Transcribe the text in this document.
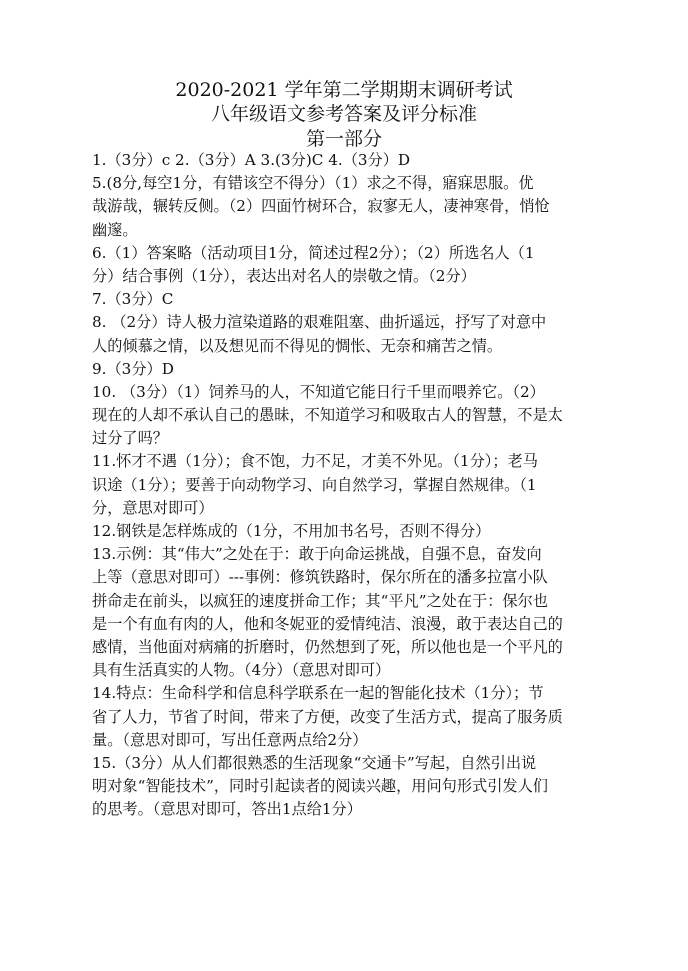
2020-2021 学年第二学期期末调研考试
八年级语文参考答案及评分标准
第一部分
1.（3分）c 2.（3分）A 3.(3分)C 4.（3分）D
5.(8分,每空1分，有错该空不得分）（1）求之不得，寤寐思服。优
哉游哉，辗转反侧。（2）四面竹树环合，寂寥无人，凄神寒骨，悄怆
幽邃。
6.（1）答案略（活动项目1分，简述过程2分）；（2）所选名人（1
分）结合事例（1分），表达出对名人的崇敬之情。（2分）
7.（3分）C
8. （2分）诗人极力渲染道路的艰难阻塞、曲折遥远，抒写了对意中
人的倾慕之情，以及想见而不得见的惆怅、无奈和痛苦之情。
9.（3分）D
10. （3分）（1）饲养马的人，不知道它能日行千里而喂养它。（2）
现在的人却不承认自己的愚昧，不知道学习和吸取古人的智慧，不是太
过分了吗？
11.怀才不遇（1分）；食不饱，力不足，才美不外见。（1分）；老马
识途（1分）；要善于向动物学习、向自然学习，掌握自然规律。（1
分，意思对即可）
12.钢铁是怎样炼成的（1分，不用加书名号，否则不得分）
13.示例：其“伟大”之处在于：敢于向命运挑战，自强不息，奋发向
上等（意思对即可）---事例：修筑铁路时，保尔所在的潘多拉富小队
拼命走在前头，以疯狂的速度拼命工作；其“平凡”之处在于：保尔也
是一个有血有肉的人，他和冬妮亚的爱情纯洁、浪漫，敢于表达自己的
感情，当他面对病痛的折磨时，仍然想到了死，所以他也是一个平凡的
具有生活真实的人物。（4分）（意思对即可）
14.特点：生命科学和信息科学联系在一起的智能化技术（1分）；节
省了人力，节省了时间，带来了方便，改变了生活方式，提高了服务质
量。（意思对即可，写出任意两点给2分）
15.（3分）从人们都很熟悉的生活现象“交通卡”写起，自然引出说
明对象“智能技术”，同时引起读者的阅读兴趣，用问句形式引发人们
的思考。（意思对即可，答出1点给1分）
